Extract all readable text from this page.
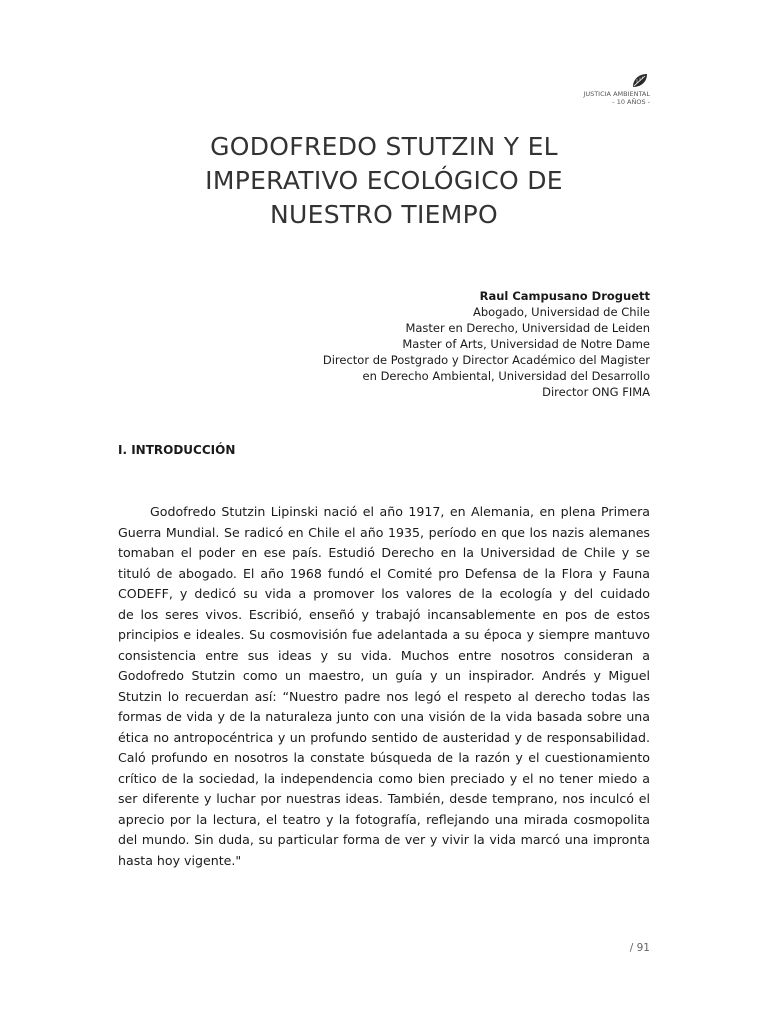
JUSTICIA AMBIENTAL
- 10 AÑOS -
GODOFREDO STUTZIN Y EL
IMPERATIVO ECOLÓGICO DE
NUESTRO TIEMPO
Raul Campusano Droguett
Abogado, Universidad de Chile
Master en Derecho, Universidad de Leiden
Master of Arts, Universidad de Notre Dame
Director de Postgrado y Director Académico del Magister
en Derecho Ambiental, Universidad del Desarrollo
Director ONG FIMA
I. INTRODUCCIÓN
Godofredo Stutzin Lipinski nació el año 1917, en Alemania, en plena Primera
Guerra Mundial. Se radicó en Chile el año 1935, período en que los nazis alemanes
tomaban el poder en ese país. Estudió Derecho en la Universidad de Chile y se
tituló de abogado. El año 1968 fundó el Comité pro Defensa de la Flora y Fauna
CODEFF, y dedicó su vida a promover los valores de la ecología y del cuidado
de los seres vivos. Escribió, enseñó y trabajó incansablemente en pos de estos
principios e ideales. Su cosmovisión fue adelantada a su época y siempre mantuvo
consistencia entre sus ideas y su vida. Muchos entre nosotros consideran a
Godofredo Stutzin como un maestro, un guía y un inspirador. Andrés y Miguel
Stutzin lo recuerdan así: “Nuestro padre nos legó el respeto al derecho todas las
formas de vida y de la naturaleza junto con una visión de la vida basada sobre una
ética no antropocéntrica y un profundo sentido de austeridad y de responsabilidad.
Caló profundo en nosotros la constate búsqueda de la razón y el cuestionamiento
crítico de la sociedad, la independencia como bien preciado y el no tener miedo a
ser diferente y luchar por nuestras ideas. También, desde temprano, nos inculcó el
aprecio por la lectura, el teatro y la fotografía, reflejando una mirada cosmopolita
del mundo. Sin duda, su particular forma de ver y vivir la vida marcó una impronta
hasta hoy vigente."
/ 91
